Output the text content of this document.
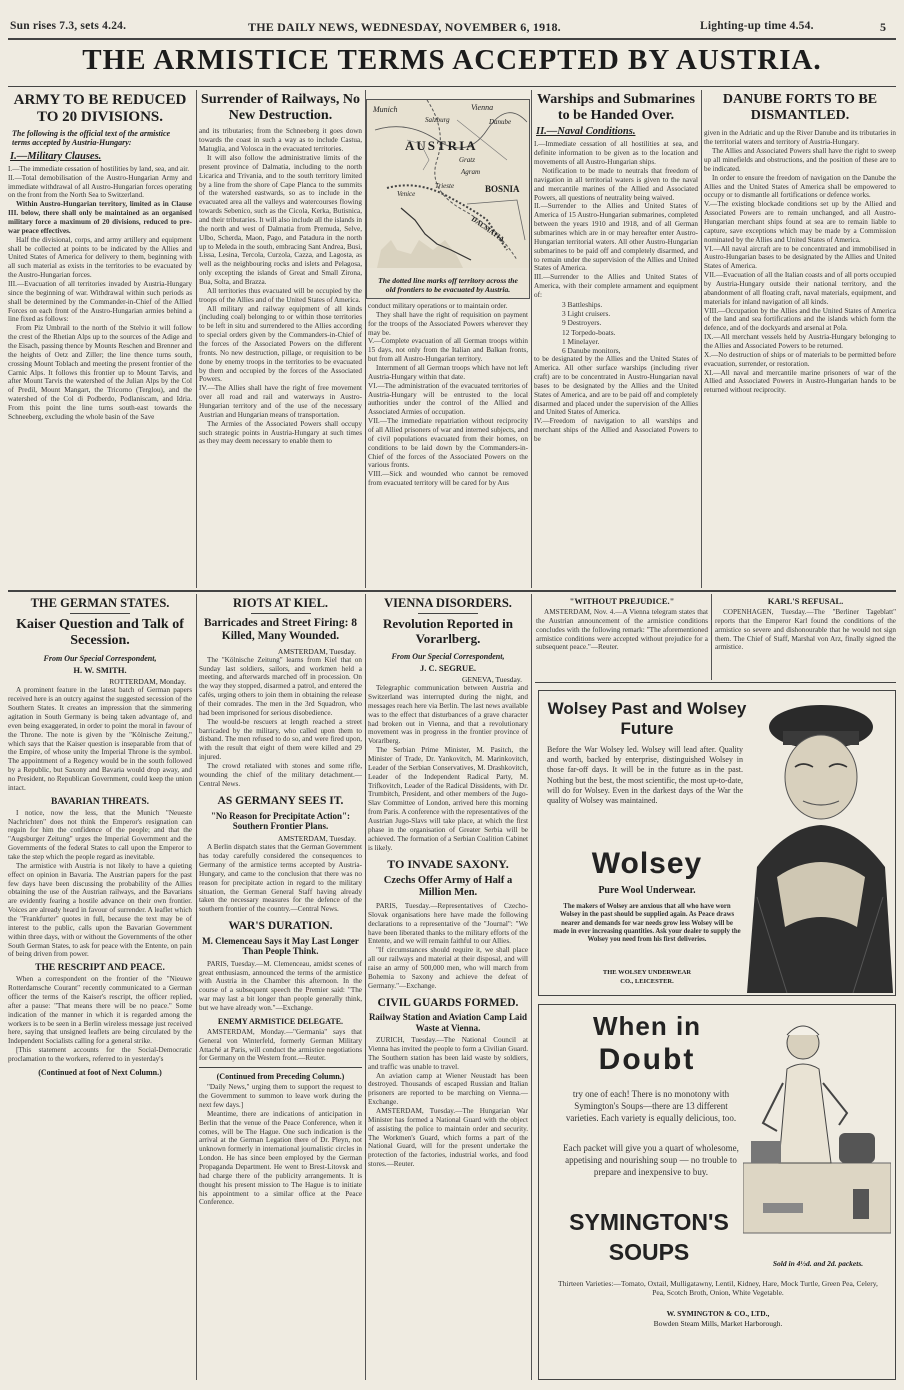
Sun rises 7.3, sets 4.24.	THE DAILY NEWS, WEDNESDAY, NOVEMBER 6, 1918.	Lighting-up time 4.54.	5
THE ARMISTICE TERMS ACCEPTED BY AUSTRIA.
ARMY TO BE REDUCED TO 20 DIVISIONS.
The following is the official text of the armistice terms accepted by Austria-Hungary:
I.—Military Clauses.

I.—The immediate cessation of hostilities by land, sea, and air.

II.—Total demobilisation of the Austro-Hungarian Army and immediate withdrawal of all Austro-Hungarian forces operating on the front from the North Sea to Switzerland.

Within Austro-Hungarian territory, limited as in Clause III. below, there shall only be maintained as an organised military force a maximum of 20 divisions, reduced to pre-war peace effectives.

Half the divisional, corps, and army artillery and equipment shall be collected at points to be indicated by the Allies and United States of America for delivery to them, beginning with all such material as exists in the territories to be evacuated by the Austro-Hungarian forces.

III.—Evacuation of all territories invaded by Austria-Hungary since the beginning of war. Withdrawal within such periods as shall be determined by the Commander-in-Chief of the Allied Forces on each front of the Austro-Hungarian armies behind a line fixed as follows:

From Piz Umbrail to the north of the Stelvio it will follow the crest of the Rhetian Alps up to the sources of the Adige and the Eisach, passing thence by Mounts Reschen and Brenner and the heights of Oetz and Ziller; the line thence turns south, crossing Mount Toblach and meeting the present frontier of the Carnic Alps. It follows this frontier up to Mount Tarvis, and after Mount Tarvis the watershed of the Julian Alps by the Col of Predil, Mount Mangart, the Tricorno (Terglou), and the watershed of the Col di Podberdo, Podlaniscam, and Idria. From this point the line turns south-east towards the Schneeberg, excluding the whole basin of the Save

Surrender of Railways, No New Destruction.

and its tributaries; from the Schneeberg it goes down towards the coast in such a way as to include Castua, Matuglia, and Volosca in the evacuated territories.

It will also follow the administrative limits of the present province of Dalmatia, including to the north Licarica and Trivania, and to the south territory limited by a line from the shore of Cape Planca to the summits of the watershed eastwards, so as to include in the evacuated area all the valleys and watercourses flowing towards Sebenico, such as the Cicola, Kerka, Butisnica, and their tributaries. It will also include all the islands in the north and west of Dalmatia from Premuda, Selve, Ulbo, Scherda, Maon, Pago, and Patadura in the north up to Meleda in the south, embracing Sant Andrea, Busi, Lissa, Lesina, Tercola, Curzola, Cazza, and Lagosta, as well as the neighbouring rocks and islets and Pelagosa, only excepting the islands of Great and Small Zirona, Bua, Solta, and Brazza.

All territories thus evacuated will be occupied by the troops of the Allies and of the United States of America.

All military and railway equipment of all kinds (including coal) belonging to or within those territories to be left in situ and surrendered to the Allies according to special orders given by the Commanders-in-Chief of the forces of the Associated Powers on the different fronts. No new destruction, pillage, or requisition to be done by enemy troops in the territories to be evacuated by them and occupied by the forces of the Associated Powers.

IV.—The Allies shall have the right of free movement over all road and rail and waterways in Austro-Hungarian territory and of the use of the necessary Austrian and Hungarian means of transportation.

The Armies of the Associated Powers shall occupy such strategic points in Austria-Hungary at such times as they may deem necessary to enable them to

Munich	Vienna
Salzburg	Danube
AUSTRIA
Gratz
Venice
Trieste	BOSNIA
DALMATIA
Agram
The dotted line marks off territory across the old frontiers to be evacuated by Austria.

conduct military operations or to maintain order.

They shall have the right of requisition on payment for the troops of the Associated Powers wherever they may be.

V.—Complete evacuation of all German troops within 15 days, not only from the Italian and Balkan fronts, but from all Austro-Hungarian territory.

Internment of all German troops which have not left Austria-Hungary within that date.

VI.—The administration of the evacuated territories of Austria-Hungary will be entrusted to the local authorities under the control of the Allied and Associated Armies of occupation.

VII.—The immediate repatriation without reciprocity of all Allied prisoners of war and interned subjects, and of civil populations evacuated from their homes, on conditions to be laid down by the Commanders-in-Chief of the forces of the Associated Powers on the various fronts.

VIII.—Sick and wounded who cannot be removed from evacuated territory will be cared for by Aus

Warships and Submarines to be Handed Over.
II.—Naval Conditions.

I.—Immediate cessation of all hostilities at sea, and definite information to be given as to the location and movements of all Austro-Hungarian ships.

Notification to be made to neutrals that freedom of navigation in all territorial waters is given to the naval and mercantile marines of the Allied and Associated Powers, all questions of neutrality being waived.

II.—Surrender to the Allies and United States of America of 15 Austro-Hungarian submarines, completed between the years 1910 and 1918, and of all German submarines which are in or may hereafter enter Austro-Hungarian territorial waters. All other Austro-Hungarian submarines to be paid off and completely disarmed, and to remain under the supervision of the Allies and United States of America.

III.—Surrender to the Allies and United States of America, with their complete armament and equipment of:

3 Battleships.
3 Light cruisers.
9 Destroyers.
12 Torpedo-boats.
1 Minelayer.
6 Danube monitors,

to be designated by the Allies and the United States of America. All other surface warships (including river craft) are to be concentrated in Austro-Hungarian naval bases to be designated by the Allies and the United States of America, and are to be paid off and completely disarmed and placed under the supervision of the Allies and United States of America.

IV.—Freedom of navigation to all warships and merchant ships of the Allied and Associated Powers to be

DANUBE FORTS TO BE DISMANTLED.

given in the Adriatic and up the River Danube and its tributaries in the territorial waters and territory of Austria-Hungary.

The Allies and Associated Powers shall have the right to sweep up all minefields and obstructions, and the position of these are to be indicated.

In order to ensure the freedom of navigation on the Danube the Allies and the United States of America shall be empowered to occupy or to dismantle all fortifications or defence works.

V.—The existing blockade conditions set up by the Allied and Associated Powers are to remain unchanged, and all Austro-Hungarian merchant ships found at sea are to remain liable to capture, save exceptions which may be made by a Commission nominated by the Allies and United States of America.

VI.—All naval aircraft are to be concentrated and immobilised in Austro-Hungarian bases to be designated by the Allies and United States of America.

VII.—Evacuation of all the Italian coasts and of all ports occupied by Austria-Hungary outside their national territory, and the abandonment of all floating craft, naval materials, equipment, and materials for inland navigation of all kinds.

VIII.—Occupation by the Allies and the United States of America of the land and sea fortifications and the islands which form the defence, and of the dockyards and arsenal at Pola.

IX.—All merchant vessels held by Austria-Hungary belonging to the Allies and Associated Powers to be returned.

X.—No destruction of ships or of materials to be permitted before evacuation, surrender, or restoration.

XI.—All naval and mercantile marine prisoners of war of the Allied and Associated Powers in Austro-Hungarian hands to be returned without reciprocity.

THE GERMAN STATES.
Kaiser Question and Talk of Secession.
From Our Special Correspondent,
H. W. SMITH.
ROTTERDAM, Monday.

A prominent feature in the latest batch of German papers received here is an outcry against the suggested secession of the Southern States. It creates an impression that the simmering agitation in South Germany is being taken advantage of, and even being exaggerated, in order to point the moral in favour of the Throne. The note is given by the "Kölnische Zeitung," which says that the Kaiser question is inseparable from that of the Empire, of whose unity the Imperial Throne is the symbol. The appointment of a Regency would be in the south followed by a Republic, but Saxony and Bavaria would drop away, and no President, no Republican Government, could keep the union intact.

BAVARIAN THREATS.

I notice, now the less, that the Munich "Neueste Nachrichten" does not think the Emperor's resignation can regain for him the confidence of the people; and that the "Augsburger Zeitung" urges the Imperial Government and the Governments of the federal States to call upon the Emperor to take the step which the people regard as inevitable.

The armistice with Austria is not likely to have a quieting effect on opinion in Bavaria. The Austrian papers for the past few days have been discussing the probability of the Allies obtaining the use of the Austrian railways, and the Bavarians are evidently fearing a hostile advance on their own frontier. Voices are already heard in favour of surrender. A leaflet which the "Frankfurter" quotes in full, because the text may be of interest to the public, calls upon the Bavarian Government within three days, with or without the Governments of the other South German States, to ask for peace with the Entente, on pain of being driven from power.

THE RESCRIPT AND PEACE.

When a correspondent on the frontier of the "Nieuwe Rotterdamsche Courant" recently communicated to a German officer the terms of the Kaiser's rescript, the officer replied, after a pause: "That means there will be no peace." Some indication of the manner in which it is regarded among the workers is to be seen in a Berlin wireless message just received here, saying that unsigned leaflets are being circulated by the Independent Socialists calling for a general strike.

[This statement accounts for the Social-Democratic proclamation to the workers, referred to in yesterday's

(Continued at foot of Next Column.)
RIOTS AT KIEL.
Barricades and Street Firing: 8 Killed, Many Wounded.
AMSTERDAM, Tuesday.

The "Kölnische Zeitung" learns from Kiel that on Sunday last soldiers, sailors, and workmen held a meeting, and afterwards marched off in procession. On the way they stopped, disarmed a patrol, and entered the cafés, urging others to join them in obtaining the release of their comrades. The men in the 3rd Squadron, who had been imprisoned for serious disobedience.

The would-be rescuers at length reached a street barricaded by the military, who called upon them to disband. The men refused to do so, and were fired upon, with the result that eight of them were killed and 29 injured.

The crowd retaliated with stones and some rifle, wounding the chief of the military detachment.—Central News.

AS GERMANY SEES IT.
"No Reason for Precipitate Action": Southern Frontier Plans.
AMSTERDAM, Tuesday.

A Berlin dispatch states that the German Government has today carefully considered the consequences to Germany of the armistice terms accepted by Austria-Hungary, and came to the conclusion that there was no reason for precipitate action in regard to the military situation, the German General Staff having already taken the necessary measures for the defence of the southern frontier of the country.—Central News.

WAR'S DURATION.
M. Clemenceau Says it May Last Longer Than People Think.

PARIS, Tuesday.—M. Clemenceau, amidst scenes of great enthusiasm, announced the terms of the armistice with Austria in the Chamber this afternoon. In the course of a subsequent speech the Premier said: "The war may last a bit longer than people generally think, but we have already won."—Exchange.

ENEMY ARMISTICE DELEGATE.

AMSTERDAM, Monday.—"Germania" says that General von Winterfeld, formerly German Military Attaché at Paris, will conduct the armistice negotiations for Germany on the Western front.—Reuter.

(Continued from Preceding Column.)

"Daily News," urging them to support the request to the Government to summon to leave work during the next few days.]

Meantime, there are indications of anticipation in Berlin that the venue of the Peace Conference, when it comes, will be The Hague. One such indication is the arrival at the German Legation there of Dr. Pleyn, not unknown formerly in international journalistic circles in London. He has since been employed by the German Propaganda Department. He went to Brest-Litovsk and had charge there of the publicity arrangements. It is thought his present mission to The Hague is to initiate his appointment to a similar office at the Peace Conference.

VIENNA DISORDERS.
Revolution Reported in Vorarlberg.
From Our Special Correspondent,
J. C. SEGRUE.
GENEVA, Tuesday.

Telegraphic communication between Austria and Switzerland was interrupted during the night, and messages reach here via Berlin. The last news available was to the effect that disturbances of a grave character had broken out in Vienna, and that a revolutionary movement was in progress in the frontier province of Vorarlberg.

The Serbian Prime Minister, M. Pasitch, the Minister of Trade, Dr. Yankovitch, M. Marinkovitch, Leader of the Serbian Conservatives, M. Drashkovitch, Leader of the Independent Radical Party, M. Trifkovitch, Leader of the Radical Dissidents, with Dr. Trumbitch, President, and other members of the Jugo-Slav Committee of London, arrived here this morning from Paris. A conference with the representatives of the Austrian Jugo-Slavs will take place, at which the first phase in the organisation of Greater Serbia will be achieved. The formation of a Serbian Coalition Cabinet is likely.

TO INVADE SAXONY.
Czechs Offer Army of Half a Million Men.

PARIS, Tuesday.—Representatives of Czecho-Slovak organisations here have made the following declarations to a representative of the "Journal": "We have been liberated thanks to the military efforts of the Entente, and we will remain faithful to our Allies.

"If circumstances should require it, we shall place all our railways and material at their disposal, and will raise an army of 500,000 men, who will march from Bohemia to Saxony and achieve the defeat of Germany."—Exchange.

CIVIL GUARDS FORMED.
Railway Station and Aviation Camp Laid Waste at Vienna.

ZURICH, Tuesday.—The National Council at Vienna has invited the people to form a Civilian Guard. The Southern station has been laid waste by soldiers, and traffic was unable to travel.

An aviation camp at Wiener Neustadt has been destroyed. Thousands of escaped Russian and Italian prisoners are reported to be marching on Vienna.—Exchange.

AMSTERDAM, Tuesday.—The Hungarian War Minister has formed a National Guard with the object of assisting the police to maintain order and security. The Workmen's Guard, which forms a part of the National Guard, will for the present undertake the protection of the factories, industrial works, and food stores.—Reuter.

"WITHOUT PREJUDICE."

AMSTERDAM, Nov. 4.—A Vienna telegram states that the Austrian announcement of the armistice conditions concludes with the following remark: "The aforementioned armistice conditions were accepted without prejudice for a subsequent peace."—Reuter.

KARL'S REFUSAL.

COPENHAGEN, Tuesday.—The "Berliner Tageblatt" reports that the Emperor Karl found the conditions of the armistice so severe and dishonourable that he would not sign them. The Chief of Staff, Marshal von Arz, finally signed the armistice.

Wolsey Past and Wolsey Future
Before the War Wolsey led. Wolsey will lead after. Quality and worth, backed by enterprise, distinguished Wolsey in those far-off days. It will be in the future as in the past. Nothing but the best, the most scientific, the most up-to-date, will do for Wolsey. Even in the darkest days of the War the quality of Wolsey was maintained.
Wolsey
Pure Wool Underwear.
The makers of Wolsey are anxious that all who have worn Wolsey in the past should be supplied again. As Peace draws nearer and demands for war needs grow less Wolsey will be made in ever increasing quantities. Ask your dealer to supply the Wolsey you need from his first deliveries.
THE WOLSEY UNDERWEAR
CO., LEICESTER.
When in
Doubt
try one of each! There is no monotony with Symington's Soups—there are 13 different varieties. Each variety is equally delicious, too.
Each packet will give you a quart of wholesome, appetising and nourishing soup — no trouble to prepare and inexpensive to buy.
Sold in 4½d. and 2d. packets.
SYMINGTON'S
SOUPS
Thirteen Varieties:—Tomato, Oxtail, Mulligatawny, Lentil, Kidney, Hare, Mock Turtle, Green Pea, Celery, Pea, Scotch Broth, Onion, White Vegetable.
W. SYMINGTON & CO., LTD.,
Bowden Steam Mills, Market Harborough.
